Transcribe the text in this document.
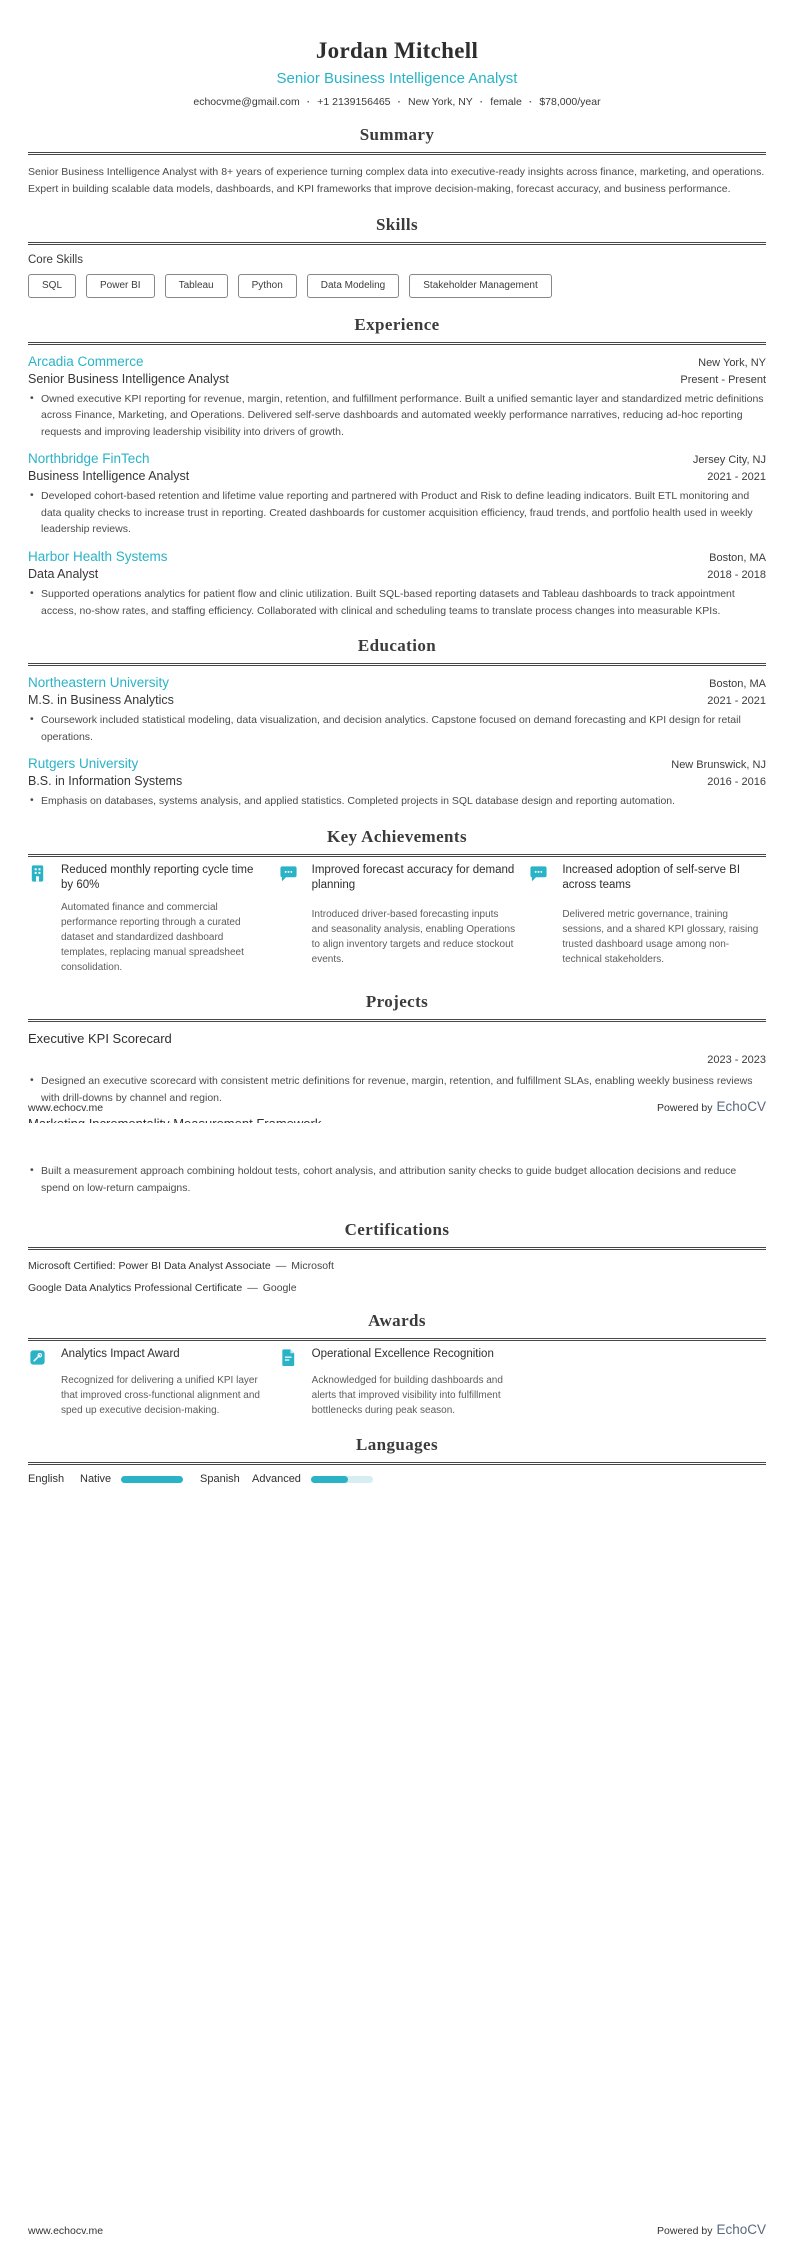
Jordan Mitchell
Senior Business Intelligence Analyst
echocvme@gmail.com · +1 2139156465 · New York, NY · female · $78,000/year
Summary
Senior Business Intelligence Analyst with 8+ years of experience turning complex data into executive-ready insights across finance, marketing, and operations. Expert in building scalable data models, dashboards, and KPI frameworks that improve decision-making, forecast accuracy, and business performance.
Skills
Core Skills
SQL	Power BI	Tableau	Python	Data Modeling	Stakeholder Management
Experience
Arcadia Commerce	New York, NY
Senior Business Intelligence Analyst	Present - Present
• Owned executive KPI reporting for revenue, margin, retention, and fulfillment performance. Built a unified semantic layer and standardized metric definitions across Finance, Marketing, and Operations. Delivered self-serve dashboards and automated weekly performance narratives, reducing ad-hoc reporting requests and improving leadership visibility into drivers of growth.
Northbridge FinTech	Jersey City, NJ
Business Intelligence Analyst	2021 - 2021
• Developed cohort-based retention and lifetime value reporting and partnered with Product and Risk to define leading indicators. Built ETL monitoring and data quality checks to increase trust in reporting. Created dashboards for customer acquisition efficiency, fraud trends, and portfolio health used in weekly leadership reviews.
Harbor Health Systems	Boston, MA
Data Analyst	2018 - 2018
• Supported operations analytics for patient flow and clinic utilization. Built SQL-based reporting datasets and Tableau dashboards to track appointment access, no-show rates, and staffing efficiency. Collaborated with clinical and scheduling teams to translate process changes into measurable KPIs.
Education
Northeastern University	Boston, MA
M.S. in Business Analytics	2021 - 2021
• Coursework included statistical modeling, data visualization, and decision analytics. Capstone focused on demand forecasting and KPI design for retail operations.
Rutgers University	New Brunswick, NJ
B.S. in Information Systems	2016 - 2016
• Emphasis on databases, systems analysis, and applied statistics. Completed projects in SQL database design and reporting automation.
Key Achievements
Reduced monthly reporting cycle time by 60%
Automated finance and commercial performance reporting through a curated dataset and standardized dashboard templates, replacing manual spreadsheet consolidation.
Improved forecast accuracy for demand planning
Introduced driver-based forecasting inputs and seasonality analysis, enabling Operations to align inventory targets and reduce stockout events.
Increased adoption of self-serve BI across teams
Delivered metric governance, training sessions, and a shared KPI glossary, raising trusted dashboard usage among non-technical stakeholders.
Projects
Executive KPI Scorecard
2023 - 2023
• Designed an executive scorecard with consistent metric definitions for revenue, margin, retention, and fulfillment SLAs, enabling weekly business reviews with drill-downs by channel and region.
www.echocv.me	Powered by EchoCV
• Built a measurement approach combining holdout tests, cohort analysis, and attribution sanity checks to guide budget allocation decisions and reduce spend on low-return campaigns.
Certifications
Microsoft Certified: Power BI Data Analyst Associate — Microsoft
Google Data Analytics Professional Certificate — Google
Awards
Analytics Impact Award
Recognized for delivering a unified KPI layer that improved cross-functional alignment and sped up executive decision-making.
Operational Excellence Recognition
Acknowledged for building dashboards and alerts that improved visibility into fulfillment bottlenecks during peak season.
Languages
English	Native	Spanish Advanced
www.echocv.me	Powered by EchoCV
